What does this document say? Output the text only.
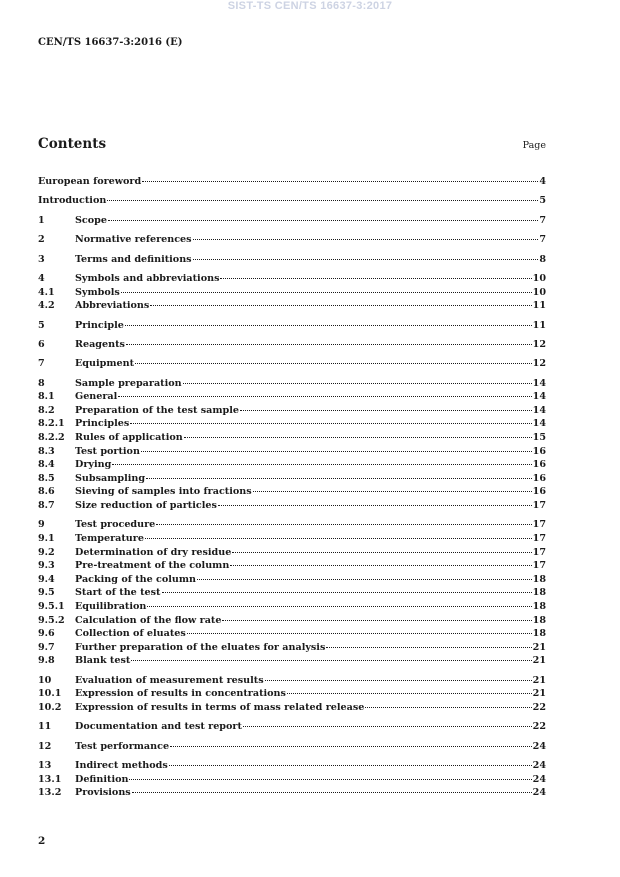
SIST-TS CEN/TS 16637-3:2017
CEN/TS 16637-3:2016 (E)
Contents	Page
European foreword	4
Introduction	5
1	Scope	7
2	Normative references	7
3	Terms and definitions	8
4	Symbols and abbreviations	10
4.1	Symbols	10
4.2	Abbreviations	11
5	Principle	11
6	Reagents	12
7	Equipment	12
8	Sample preparation	14
8.1	General	14
8.2	Preparation of the test sample	14
8.2.1	Principles	14
8.2.2	Rules of application	15
8.3	Test portion	16
8.4	Drying	16
8.5	Subsampling	16
8.6	Sieving of samples into fractions	16
8.7	Size reduction of particles	17
9	Test procedure	17
9.1	Temperature	17
9.2	Determination of dry residue	17
9.3	Pre-treatment of the column	17
9.4	Packing of the column	18
9.5	Start of the test	18
9.5.1	Equilibration	18
9.5.2	Calculation of the flow rate	18
9.6	Collection of eluates	18
9.7	Further preparation of the eluates for analysis	21
9.8	Blank test	21
10	Evaluation of measurement results	21
10.1	Expression of results in concentrations	21
10.2	Expression of results in terms of mass related release	22
11	Documentation and test report	22
12	Test performance	24
13	Indirect methods	24
13.1	Definition	24
13.2	Provisions	24
2
